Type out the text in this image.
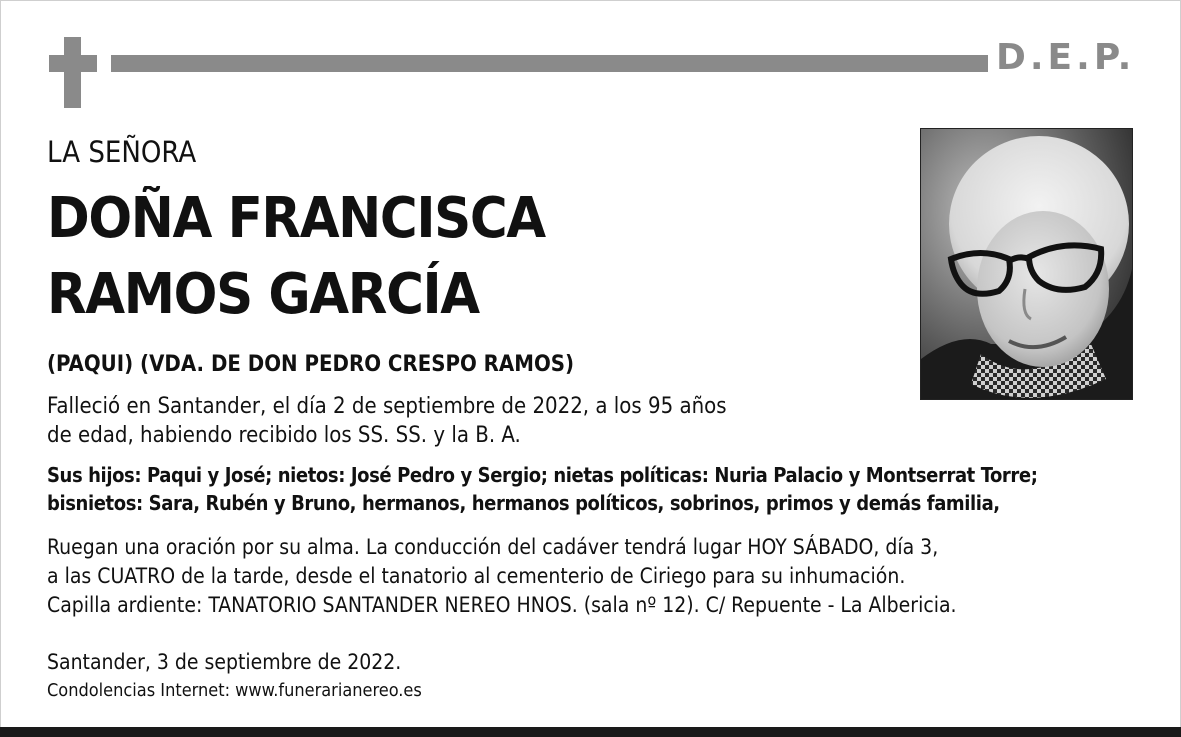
D.E.P.
LA SEÑORA
DOÑA FRANCISCA
RAMOS GARCÍA
(PAQUI) (VDA. DE DON PEDRO CRESPO RAMOS)
Falleció en Santander, el día 2 de septiembre de 2022, a los 95 años
de edad, habiendo recibido los SS. SS. y la B. A.
Sus hijos: Paqui y José; nietos: José Pedro y Sergio; nietas políticas: Nuria Palacio y Montserrat Torre;
bisnietos: Sara, Rubén y Bruno, hermanos, hermanos políticos, sobrinos, primos y demás familia,
Ruegan una oración por su alma. La conducción del cadáver tendrá lugar HOY SÁBADO, día 3,
a las CUATRO de la tarde, desde el tanatorio al cementerio de Ciriego para su inhumación.
Capilla ardiente: TANATORIO SANTANDER NEREO HNOS. (sala nº 12). C/ Repuente - La Albericia.
Santander, 3 de septiembre de 2022.
Condolencias Internet: www.funerarianereo.es
